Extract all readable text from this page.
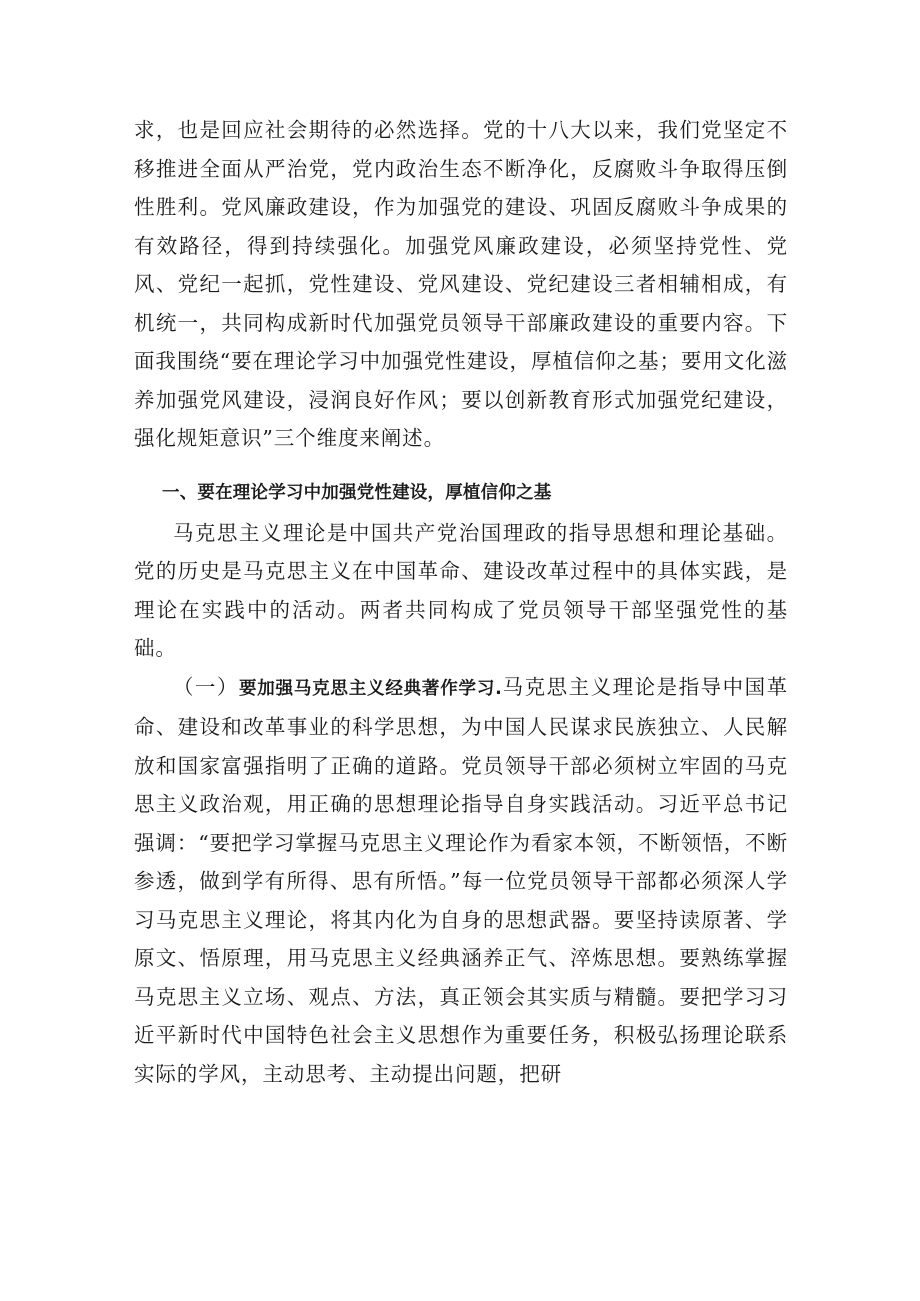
求，也是回应社会期待的必然选择。党的十八大以来，我们党坚定不移推进全面从严治党，党内政治生态不断净化，反腐败斗争取得压倒性胜利。党风廉政建设，作为加强党的建设、巩固反腐败斗争成果的有效路径，得到持续强化。加强党风廉政建设，必须坚持党性、党风、党纪一起抓，党性建设、党风建设、党纪建设三者相辅相成，有机统一，共同构成新时代加强党员领导干部廉政建设的重要内容。下面我围绕“要在理论学习中加强党性建设，厚植信仰之基；要用文化滋养加强党风建设，浸润良好作风；要以创新教育形式加强党纪建设，强化规矩意识”三个维度来阐述。

一、要在理论学习中加强党性建设，厚植信仰之基

马克思主义理论是中国共产党治国理政的指导思想和理论基础。党的历史是马克思主义在中国革命、建设改革过程中的具体实践，是理论在实践中的活动。两者共同构成了党员领导干部坚强党性的基础。

（一）要加强马克思主义经典著作学习.马克思主义理论是指导中国革命、建设和改革事业的科学思想，为中国人民谋求民族独立、人民解放和国家富强指明了正确的道路。党员领导干部必须树立牢固的马克思主义政治观，用正确的思想理论指导自身实践活动。习近平总书记强调：“要把学习掌握马克思主义理论作为看家本领，不断领悟，不断参透，做到学有所得、思有所悟。”每一位党员领导干部都必须深人学习马克思主义理论，将其内化为自身的思想武器。要坚持读原著、学原文、悟原理，用马克思主义经典涵养正气、淬炼思想。要熟练掌握马克思主义立场、观点、方法，真正领会其实质与精髓。要把学习习近平新时代中国特色社会主义思想作为重要任务，积极弘扬理论联系实际的学风，主动思考、主动提出问题，把研
